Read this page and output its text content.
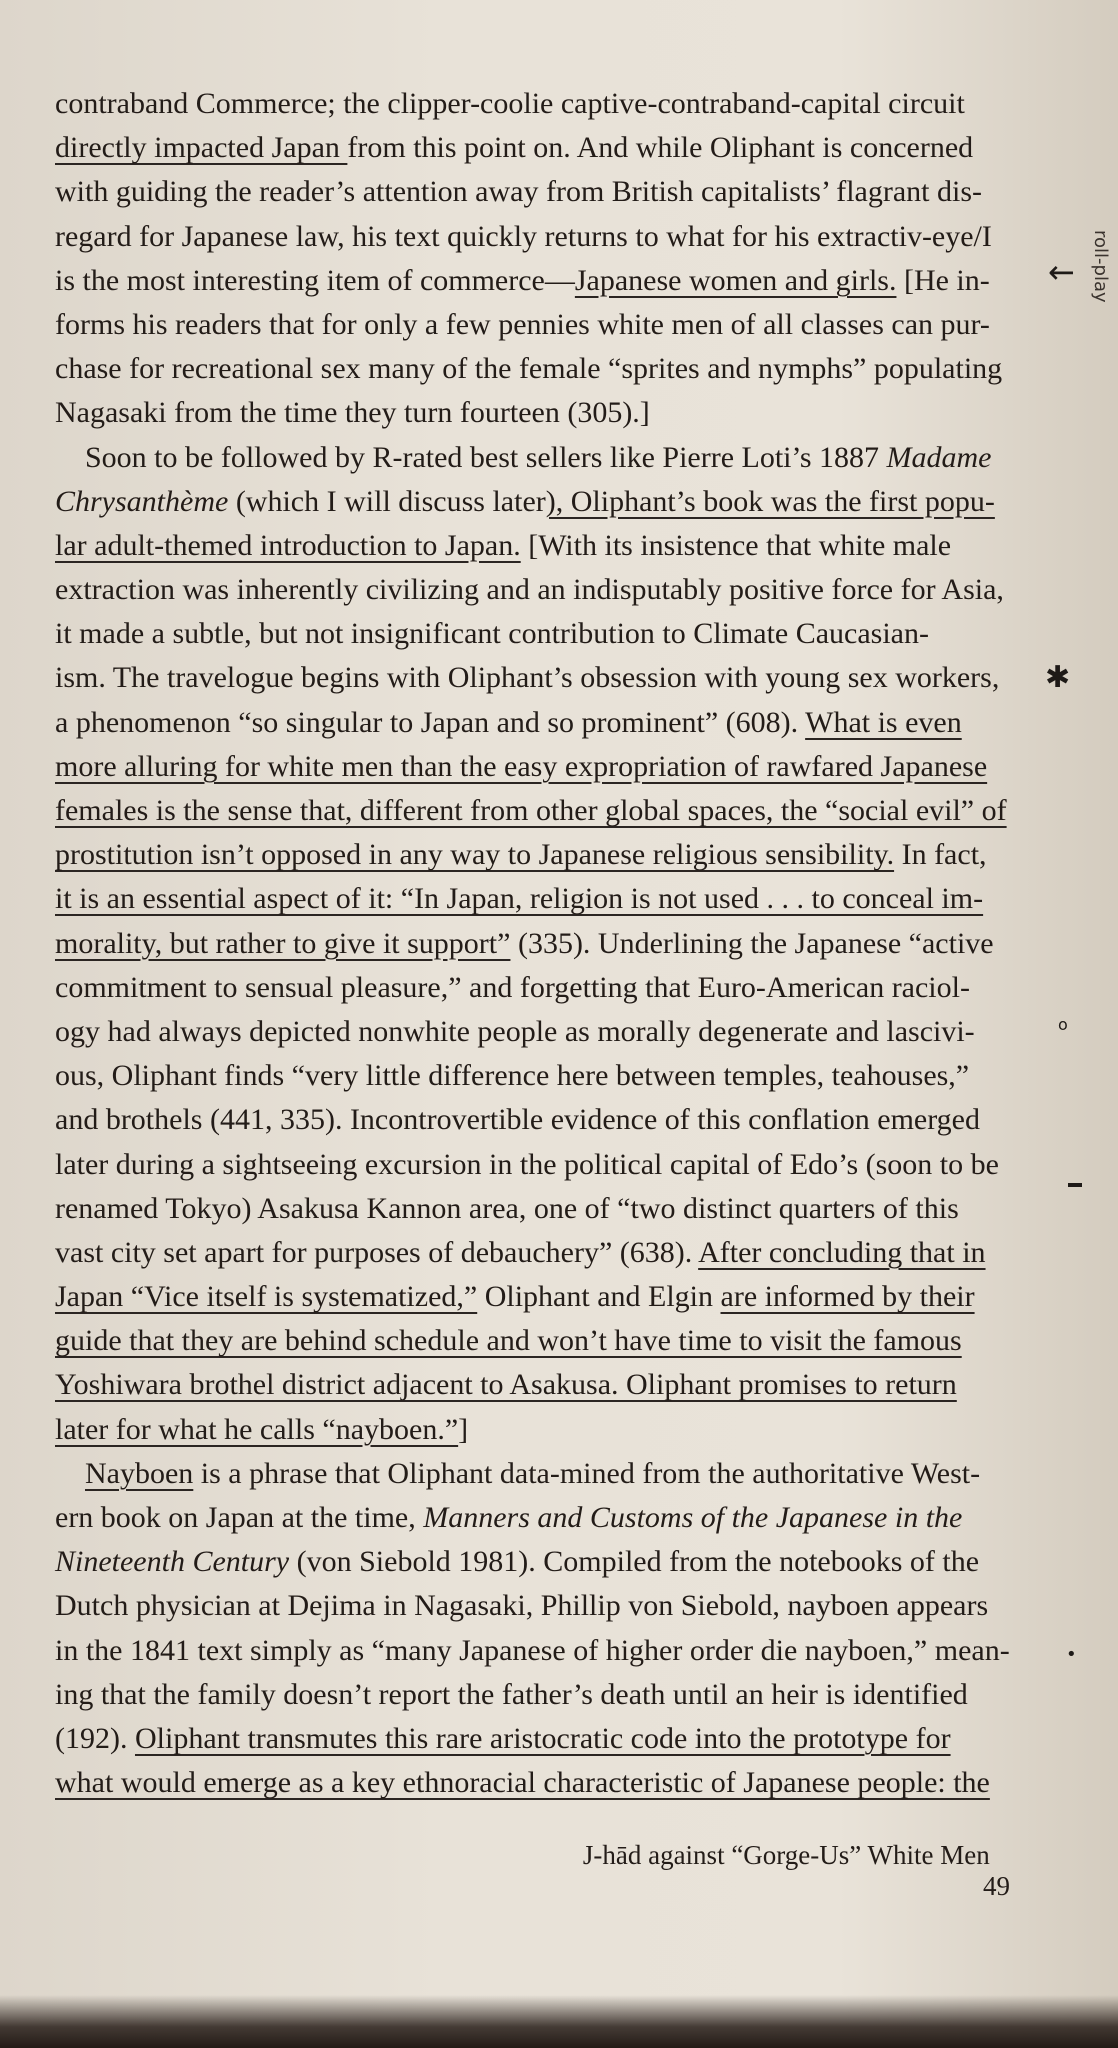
contraband Commerce; the clipper-coolie captive-contraband-capital circuit
directly impacted Japan from this point on. And while Oliphant is concerned
with guiding the reader’s attention away from British capitalists’ flagrant dis-
regard for Japanese law, his text quickly returns to what for his extractiv-eye/I
is the most interesting item of commerce—Japanese women and girls. [He in-
forms his readers that for only a few pennies white men of all classes can pur-
chase for recreational sex many of the female “sprites and nymphs” populating
Nagasaki from the time they turn fourteen (305).]
Soon to be followed by R-rated best sellers like Pierre Loti’s 1887 Madame
Chrysanthème (which I will discuss later), Oliphant’s book was the first popu-
lar adult-themed introduction to Japan. [With its insistence that white male
extraction was inherently civilizing and an indisputably positive force for Asia,
it made a subtle, but not insignificant contribution to Climate Caucasian-
ism. The travelogue begins with Oliphant’s obsession with young sex workers,
a phenomenon “so singular to Japan and so prominent” (608). What is even
more alluring for white men than the easy expropriation of rawfared Japanese
females is the sense that, different from other global spaces, the “social evil” of
prostitution isn’t opposed in any way to Japanese religious sensibility. In fact,
it is an essential aspect of it: “In Japan, religion is not used . . . to conceal im-
morality, but rather to give it support” (335). Underlining the Japanese “active
commitment to sensual pleasure,” and forgetting that Euro-American raciol-
ogy had always depicted nonwhite people as morally degenerate and lascivi-
ous, Oliphant finds “very little difference here between temples, teahouses,”
and brothels (441, 335). Incontrovertible evidence of this conflation emerged
later during a sightseeing excursion in the political capital of Edo’s (soon to be
renamed Tokyo) Asakusa Kannon area, one of “two distinct quarters of this
vast city set apart for purposes of debauchery” (638). After concluding that in
Japan “Vice itself is systematized,” Oliphant and Elgin are informed by their
guide that they are behind schedule and won’t have time to visit the famous
Yoshiwara brothel district adjacent to Asakusa. Oliphant promises to return
later for what he calls “nayboen.”]
Nayboen is a phrase that Oliphant data-mined from the authoritative West-
ern book on Japan at the time, Manners and Customs of the Japanese in the
Nineteenth Century (von Siebold 1981). Compiled from the notebooks of the
Dutch physician at Dejima in Nagasaki, Phillip von Siebold, nayboen appears
in the 1841 text simply as “many Japanese of higher order die nayboen,” mean-
ing that the family doesn’t report the father’s death until an heir is identified
(192). Oliphant transmutes this rare aristocratic code into the prototype for
what would emerge as a key ethnoracial characteristic of Japanese people: the
J-hād against “Gorge-Us” White Men    49
← roll-play
✱
o
•
